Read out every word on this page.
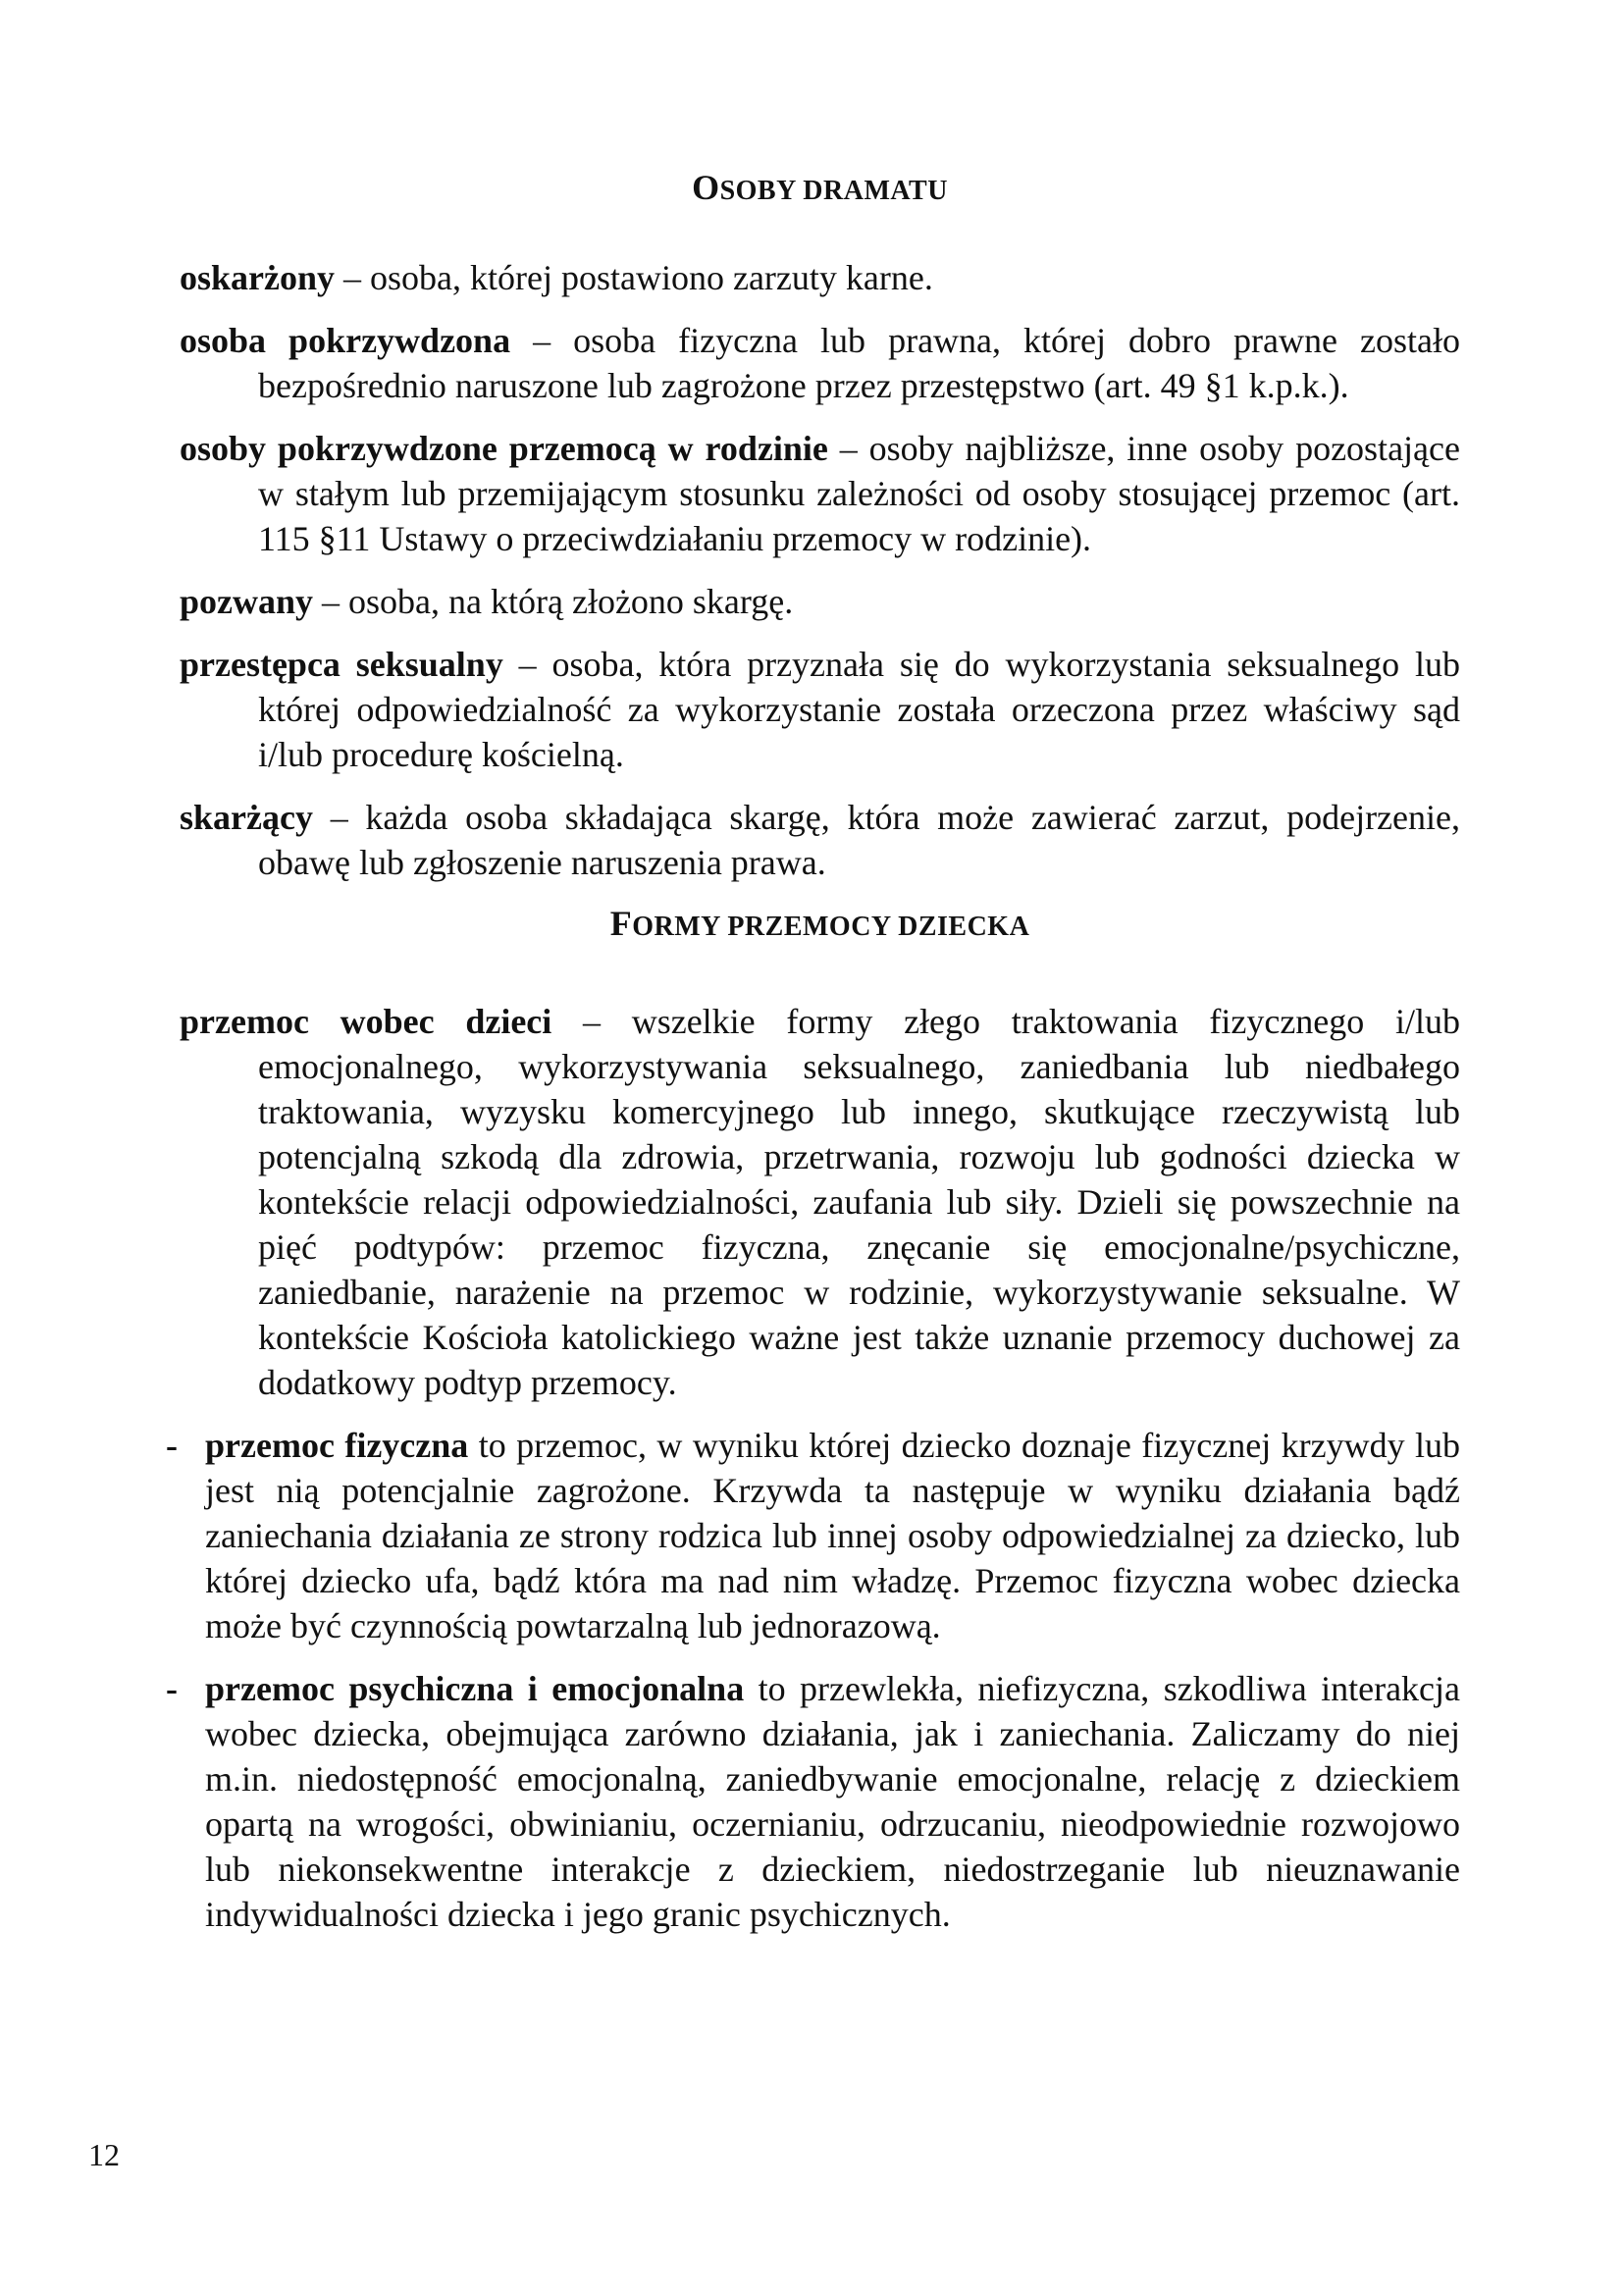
OSOBY DRAMATU

oskarżony – osoba, której postawiono zarzuty karne.

osoba pokrzywdzona – osoba fizyczna lub prawna, której dobro prawne zostało bezpośrednio naruszone lub zagrożone przez przestępstwo (art. 49 §1 k.p.k.).

osoby pokrzywdzone przemocą w rodzinie – osoby najbliższe, inne osoby pozostające w stałym lub przemijającym stosunku zależności od osoby stosującej przemoc (art. 115 §11 Ustawy o przeciwdziałaniu przemocy w rodzinie).

pozwany – osoba, na którą złożono skargę.

przestępca seksualny – osoba, która przyznała się do wykorzystania seksualnego lub której odpowiedzialność za wykorzystanie została orzeczona przez właściwy sąd i/lub procedurę kościelną.

skarżący – każda osoba składająca skargę, która może zawierać zarzut, podejrzenie, obawę lub zgłoszenie naruszenia prawa.

FORMY PRZEMOCY DZIECKA

przemoc wobec dzieci – wszelkie formy złego traktowania fizycznego i/lub emocjonalnego, wykorzystywania seksualnego, zaniedbania lub niedbałego traktowania, wyzysku komercyjnego lub innego, skutkujące rzeczywistą lub potencjalną szkodą dla zdrowia, przetrwania, rozwoju lub godności dziecka w kontekście relacji odpowiedzialności, zaufania lub siły. Dzieli się powszechnie na pięć podtypów: przemoc fizyczna, znęcanie się emocjonalne/psychiczne, zaniedbanie, narażenie na przemoc w rodzinie, wykorzystywanie seksualne. W kontekście Kościoła katolickiego ważne jest także uznanie przemocy duchowej za dodatkowy podtyp przemocy.

- przemoc fizyczna to przemoc, w wyniku której dziecko doznaje fizycznej krzywdy lub jest nią potencjalnie zagrożone. Krzywda ta następuje w wyniku działania bądź zaniechania działania ze strony rodzica lub innej osoby odpowiedzialnej za dziecko, lub której dziecko ufa, bądź która ma nad nim władzę. Przemoc fizyczna wobec dziecka może być czynnością powtarzalną lub jednorazową.

- przemoc psychiczna i emocjonalna to przewlekła, niefizyczna, szkodliwa interakcja wobec dziecka, obejmująca zarówno działania, jak i zaniechania. Zaliczamy do niej m.in. niedostępność emocjonalną, zaniedbywanie emocjonalne, relację z dzieckiem opartą na wrogości, obwinianiu, oczernianiu, odrzucaniu, nieodpowiednie rozwojowo lub niekonsekwentne interakcje z dzieckiem, niedostrzeganie lub nieuznawanie indywidualności dziecka i jego granic psychicznych.

12
